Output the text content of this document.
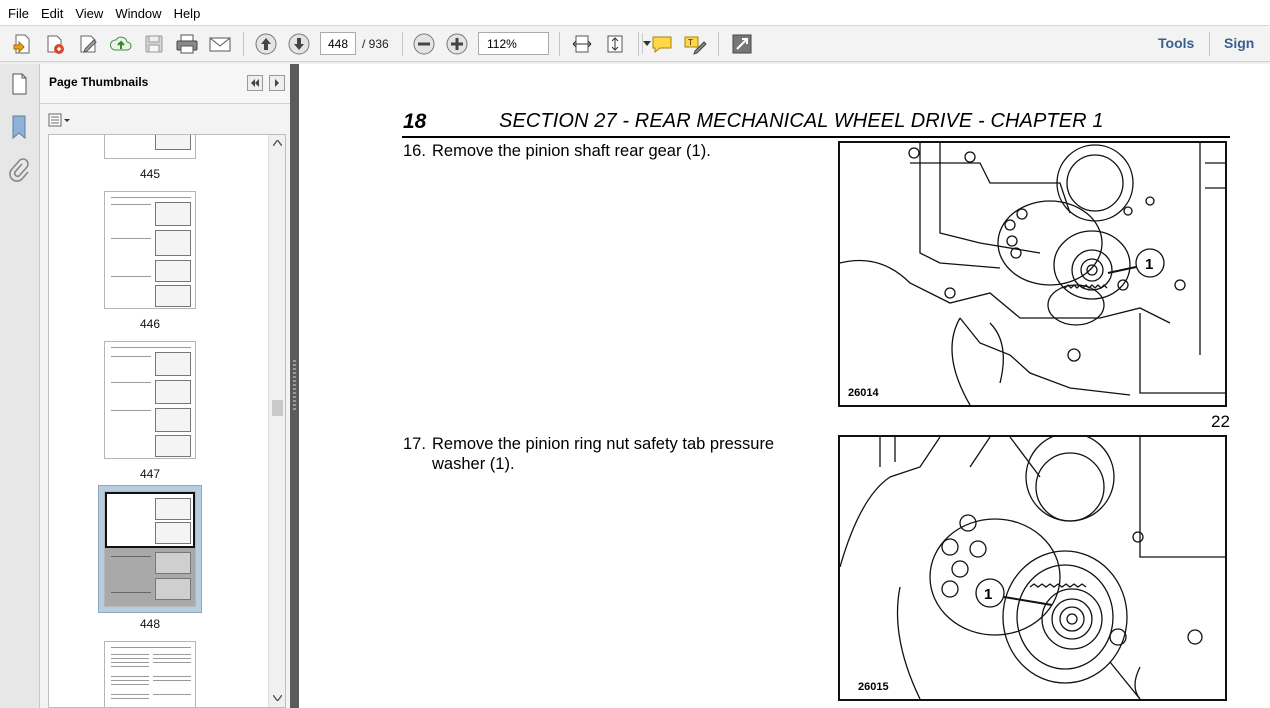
File Edit View Window Help
448
/ 936
112%	T	Tools Sign
Page Thumbnails
445
446
447
448
18	SECTION 27 - REAR MECHANICAL WHEEL DRIVE - CHAPTER 1
16. Remove the pinion shaft rear gear (1).
1
26014
22
17. Remove the pinion ring nut safety tab pressure
washer (1).
1
26015
